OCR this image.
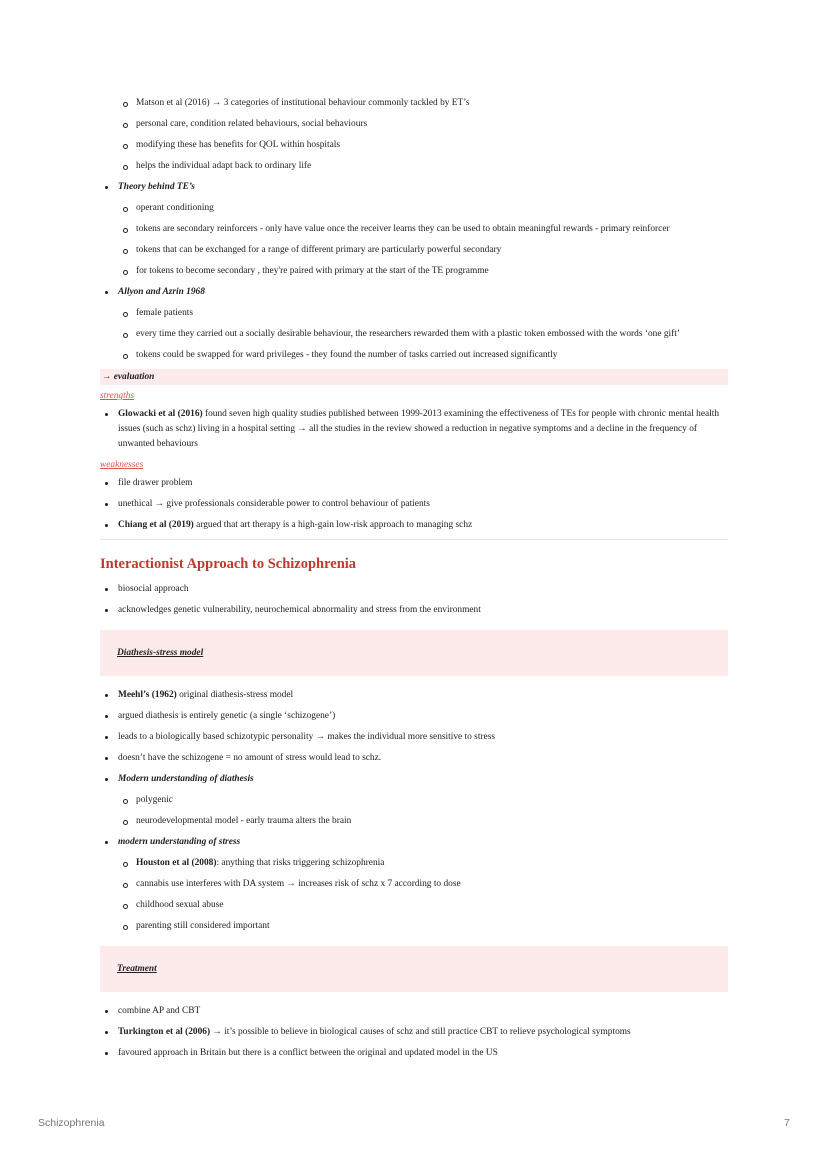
Matson et al (2016) → 3 categories of institutional behaviour commonly tackled by ET’s
personal care, condition related behaviours, social behaviours
modifying these has benefits for QOL within hospitals
helps the individual adapt back to ordinary life
Theory behind TE’s
operant conditioning
tokens are secondary reinforcers - only have value once the receiver learns they can be used to obtain meaningful rewards - primary reinforcer
tokens that can be exchanged for a range of different primary are particularly powerful secondary
for tokens to become secondary , they're paired with primary at the start of the TE programme
Allyon and Azrin 1968
female patients
every time they carried out a socially desirable behaviour, the researchers rewarded them with a plastic token embossed with the words ‘one gift’
tokens could be swapped for ward privileges - they found the number of tasks carried out increased significantly
→ evaluation
strengths
Glowacki et al (2016) found seven high quality studies published between 1999-2013 examining the effectiveness of TEs for people with chronic mental health issues (such as schz) living in a hospital setting → all the studies in the review showed a reduction in negative symptoms and a decline in the frequency of unwanted behaviours
weaknesses
file drawer problem
unethical → give professionals considerable power to control behaviour of patients
Chiang et al (2019) argued that art therapy is a high-gain low-risk approach to managing schz
Interactionist Approach to Schizophrenia
biosocial approach
acknowledges genetic vulnerability, neurochemical abnormality and stress from the environment
Diathesis-stress model
Meehl’s (1962) original diathesis-stress model
argued diathesis is entirely genetic (a single ‘schizogene’)
leads to a biologically based schizotypic personality → makes the individual more sensitive to stress
doesn’t have the schizogene = no amount of stress would lead to schz.
Modern understanding of diathesis
polygenic
neurodevelopmental model - early trauma alters the brain
modern understanding of stress
Houston et al (2008): anything that risks triggering schizophrenia
cannabis use interferes with DA system → increases risk of schz x 7 according to dose
childhood sexual abuse
parenting still considered important
Treatment
combine AP and CBT
Turkington et al (2006) → it’s possible to believe in biological causes of schz and still practice CBT to relieve psychological symptoms
favoured approach in Britain but there is a conflict between the original and updated model in the US
Schizophrenia	7
